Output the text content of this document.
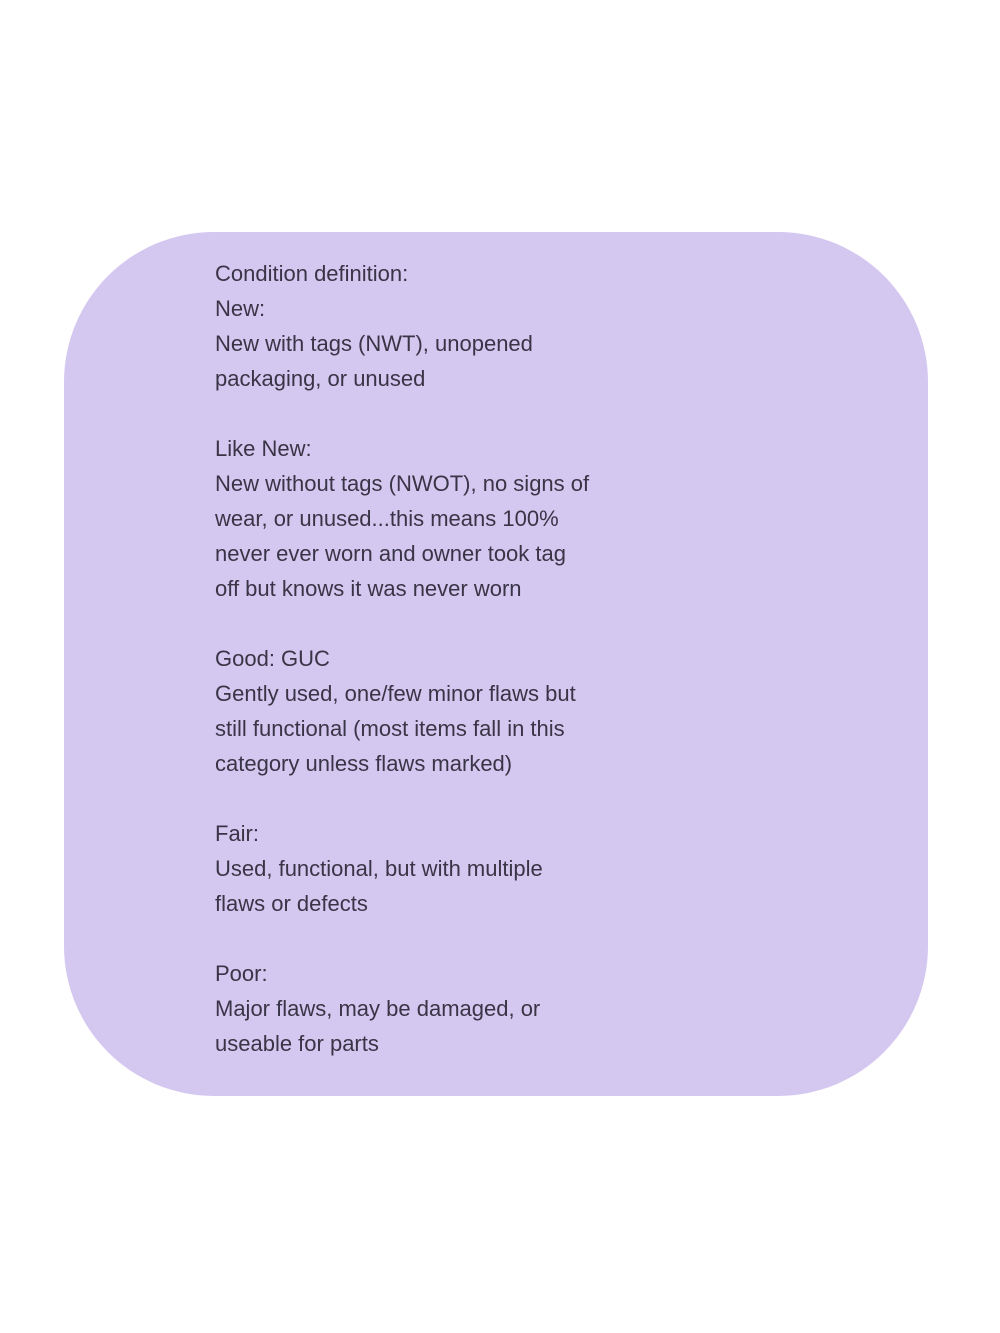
Condition definition:

New:

New with tags (NWT), unopened

packaging, or unused

Like New:

New without tags (NWOT), no signs of

wear, or unused...this means 100%

never ever worn and owner took tag

off but knows it was never worn

Good: GUC

Gently used, one/few minor flaws but

still functional (most items fall in this

category unless flaws marked)

Fair:

Used, functional, but with multiple

flaws or defects

Poor:

Major flaws, may be damaged, or

useable for parts
